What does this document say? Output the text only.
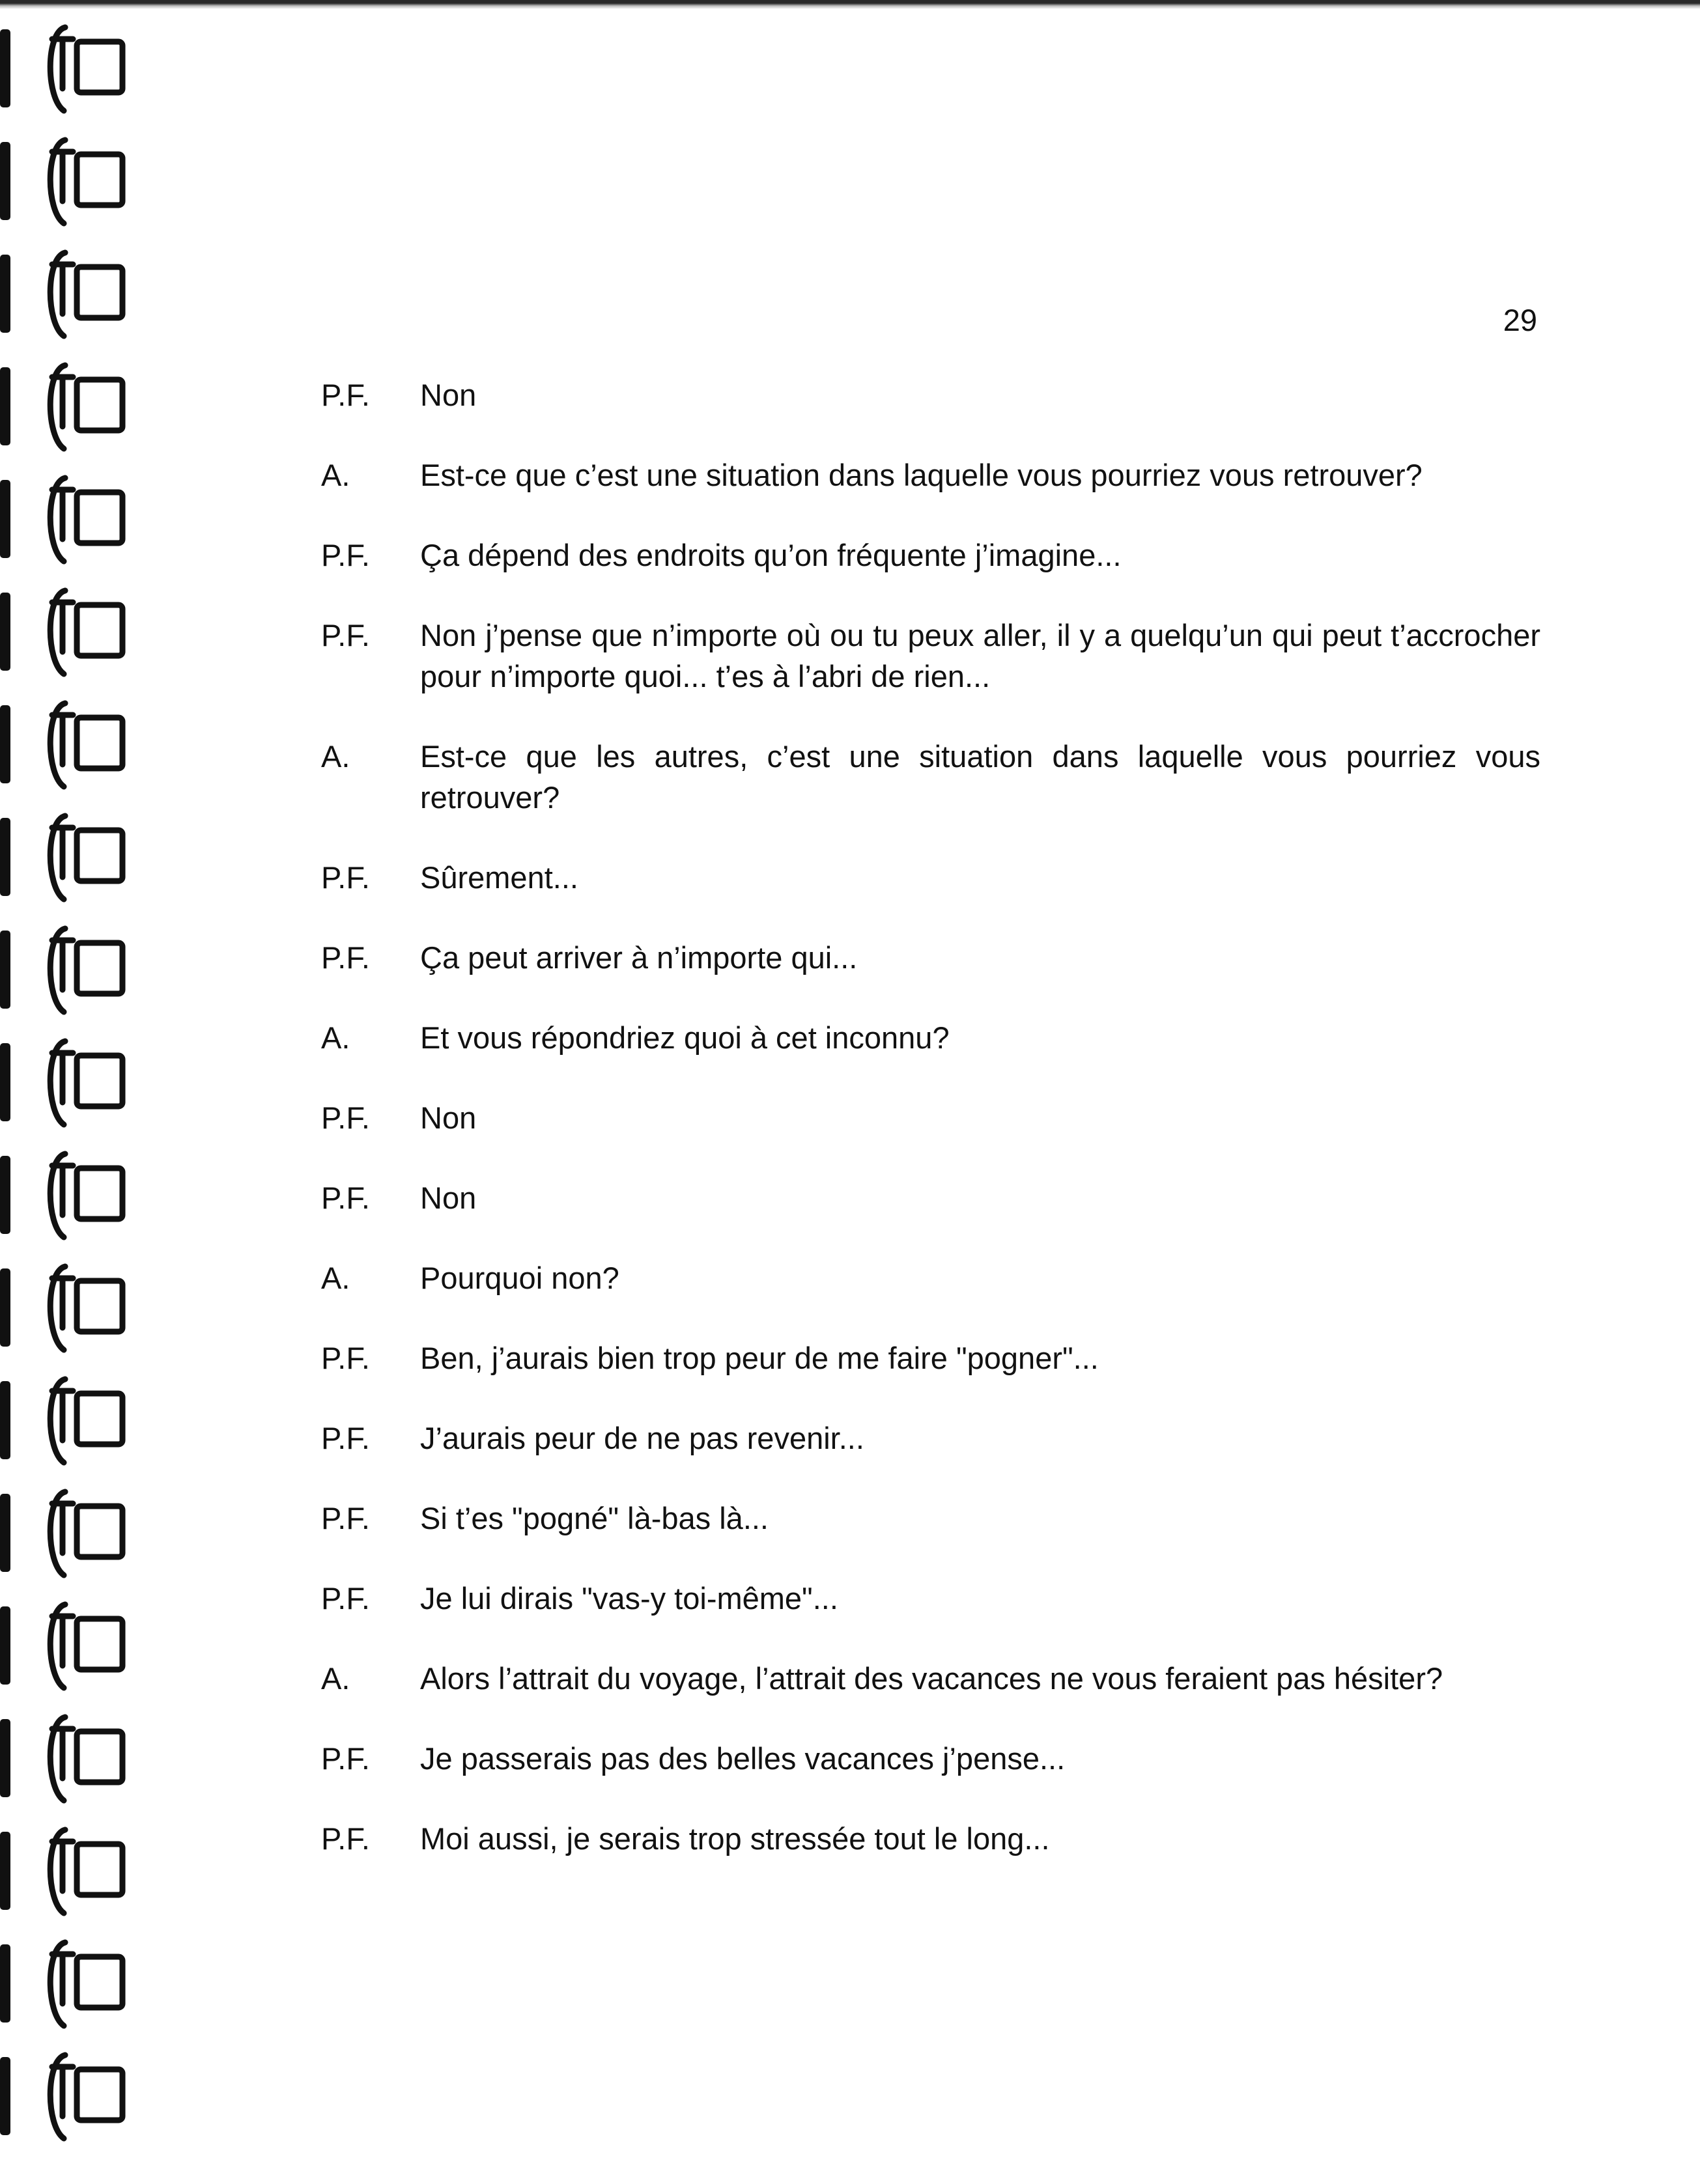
29
P.F.	Non
A.	Est-ce que c’est une situation dans laquelle vous pourriez vous retrouver?
P.F.	Ça dépend des endroits qu’on fréquente j’imagine...
P.F.	Non j’pense que n’importe où ou tu peux aller, il y a quelqu’un qui peut t’accrocher pour n’importe quoi... t’es à l’abri de rien...
A.	Est-ce que les autres, c’est une situation dans laquelle vous pourriez vous retrouver?
P.F.	Sûrement...
P.F.	Ça peut arriver à n’importe qui...
A.	Et vous répondriez quoi à cet inconnu?
P.F.	Non
P.F.	Non
A.	Pourquoi non?
P.F.	Ben, j’aurais bien trop peur de me faire "pogner"...
P.F.	J’aurais peur de ne pas revenir...
P.F.	Si t’es "pogné" là-bas là...
P.F.	Je lui dirais "vas-y toi-même"...
A.	Alors l’attrait du voyage, l’attrait des vacances ne vous feraient pas hésiter?
P.F.	Je passerais pas des belles vacances j’pense...
P.F.	Moi aussi, je serais trop stressée tout le long...
